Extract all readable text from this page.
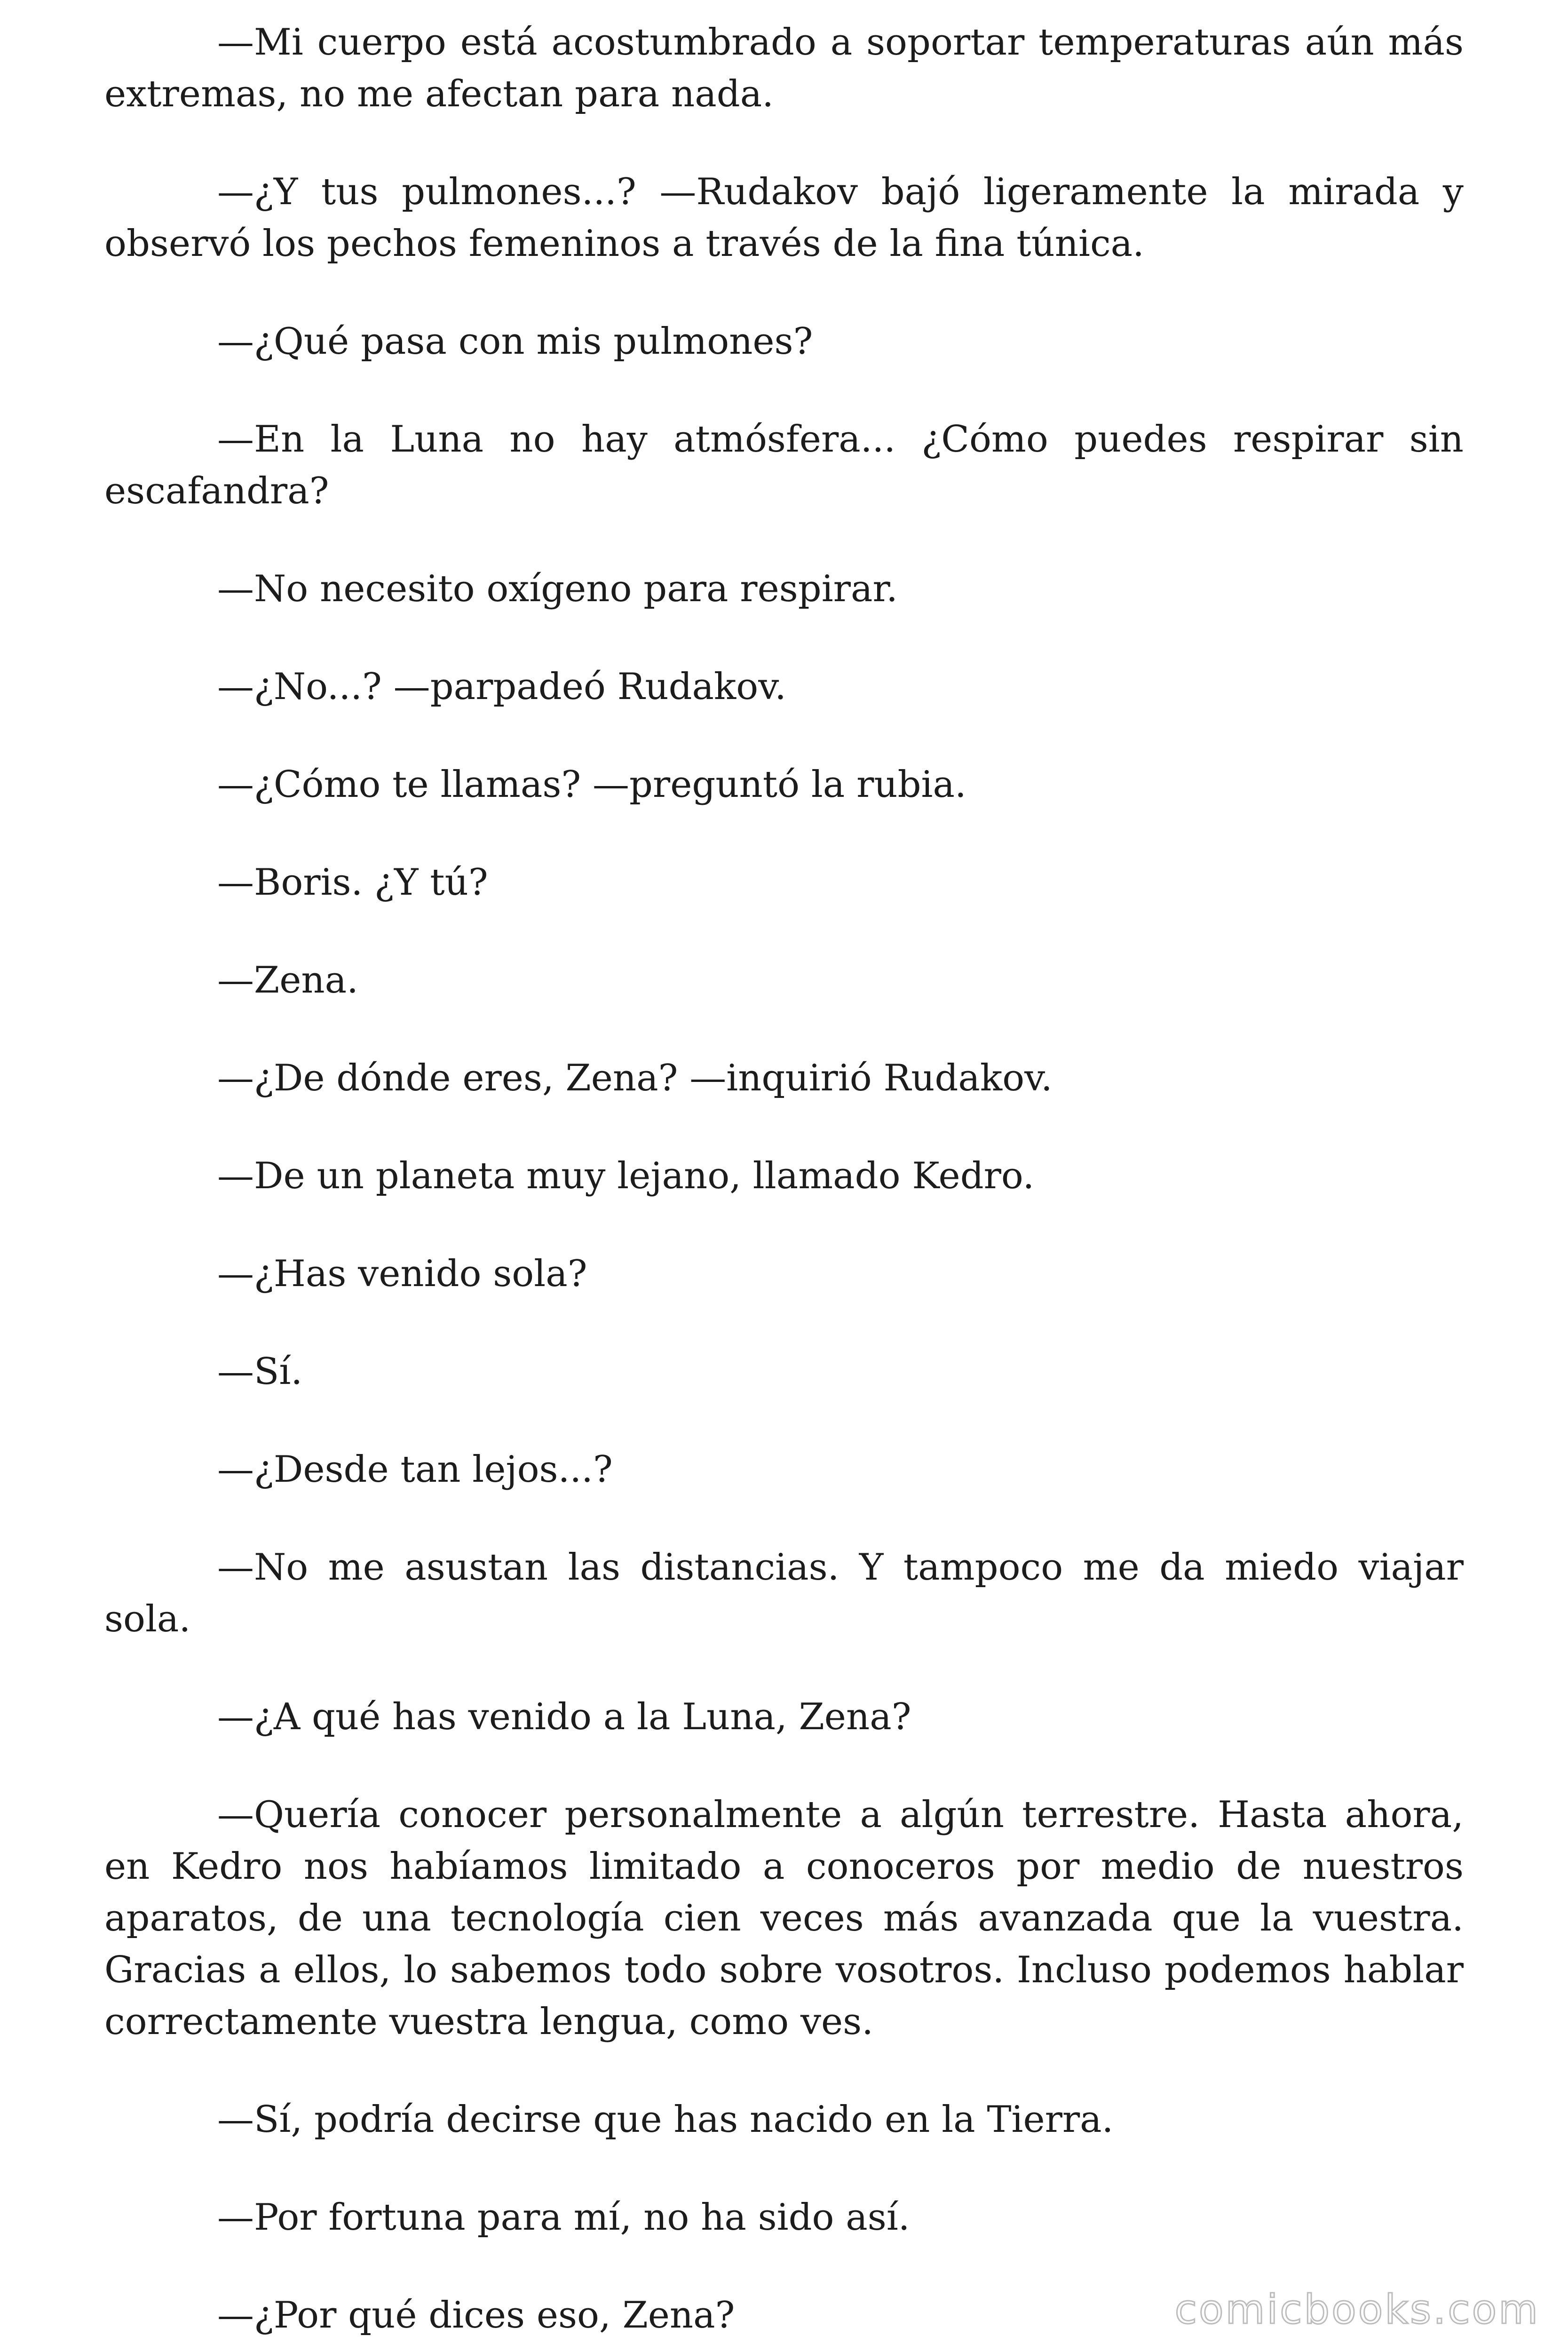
—Mi cuerpo está acostumbrado a soportar temperaturas aún más extremas, no me afectan para nada.

—¿Y tus pulmones...? —Rudakov bajó ligeramente la mirada y observó los pechos femeninos a través de la fina túnica.

—¿Qué pasa con mis pulmones?

—En la Luna no hay atmósfera... ¿Cómo puedes respirar sin escafandra?

—No necesito oxígeno para respirar.

—¿No...? —parpadeó Rudakov.

—¿Cómo te llamas? —preguntó la rubia.

—Boris. ¿Y tú?

—Zena.

—¿De dónde eres, Zena? —inquirió Rudakov.

—De un planeta muy lejano, llamado Kedro.

—¿Has venido sola?

—Sí.

—¿Desde tan lejos...?

—No me asustan las distancias. Y tampoco me da miedo viajar sola.

—¿A qué has venido a la Luna, Zena?

—Quería conocer personalmente a algún terrestre. Hasta ahora, en Kedro nos habíamos limitado a conoceros por medio de nuestros aparatos, de una tecnología cien veces más avanzada que la vuestra. Gracias a ellos, lo sabemos todo sobre vosotros. Incluso podemos hablar correctamente vuestra lengua, como ves.

—Sí, podría decirse que has nacido en la Tierra.

—Por fortuna para mí, no ha sido así.

—¿Por qué dices eso, Zena?	comicbooks.com
